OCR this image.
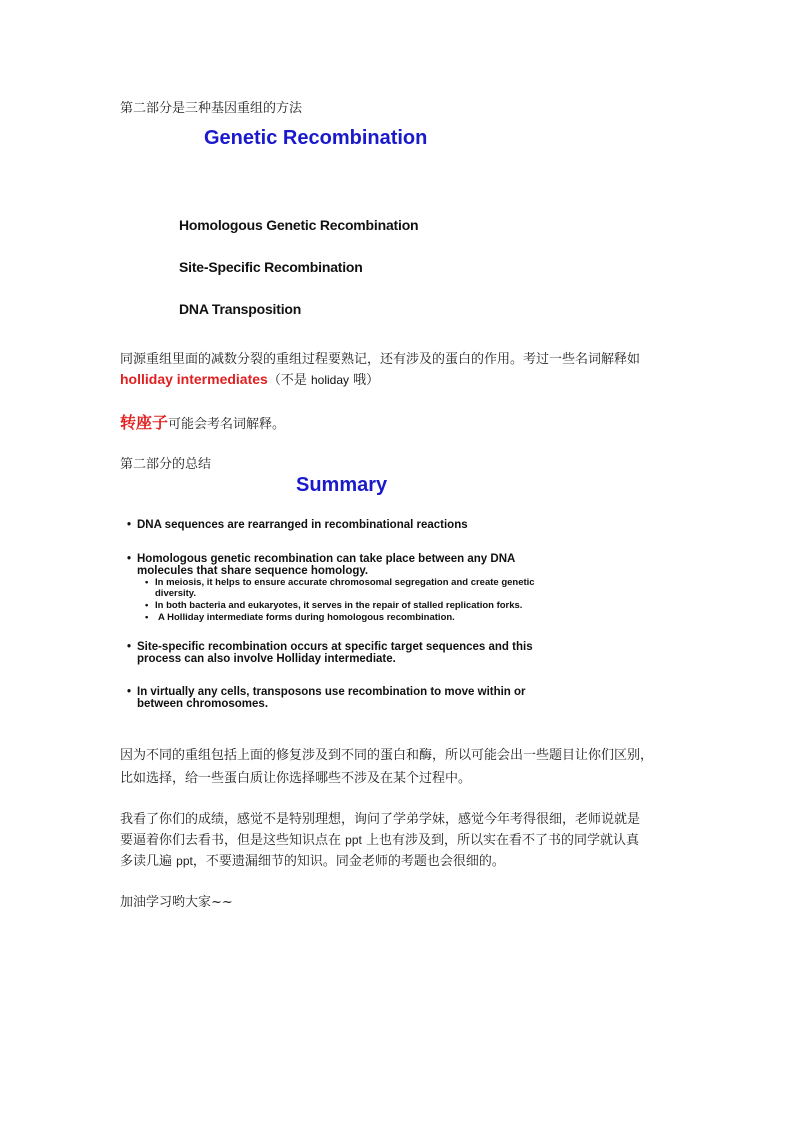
第二部分是三种基因重组的方法
Genetic Recombination
Homologous Genetic Recombination
Site-Specific Recombination
DNA Transposition
同源重组里面的减数分裂的重组过程要熟记，还有涉及的蛋白的作用。考过一些名词解释如
holliday intermediates（不是 holiday 哦）
转座子可能会考名词解释。
第二部分的总结
Summary
• DNA sequences are rearranged in recombinational reactions
• Homologous genetic recombination can take place between any DNA
molecules that share sequence homology.
• In meiosis, it helps to ensure accurate chromosomal segregation and create genetic
diversity.
• In both bacteria and eukaryotes, it serves in the repair of stalled replication forks.
• A Holliday intermediate forms during homologous recombination.
• Site-specific recombination occurs at specific target sequences and this
process can also involve Holliday intermediate.
• In virtually any cells, transposons use recombination to move within or
between chromosomes.
因为不同的重组包括上面的修复涉及到不同的蛋白和酶，所以可能会出一些题目让你们区别，
比如选择，给一些蛋白质让你选择哪些不涉及在某个过程中。
我看了你们的成绩，感觉不是特别理想，询问了学弟学妹，感觉今年考得很细，老师说就是
要逼着你们去看书，但是这些知识点在 ppt 上也有涉及到，所以实在看不了书的同学就认真
多读几遍 ppt，不要遗漏细节的知识。同金老师的考题也会很细的。
加油学习哟大家~~
